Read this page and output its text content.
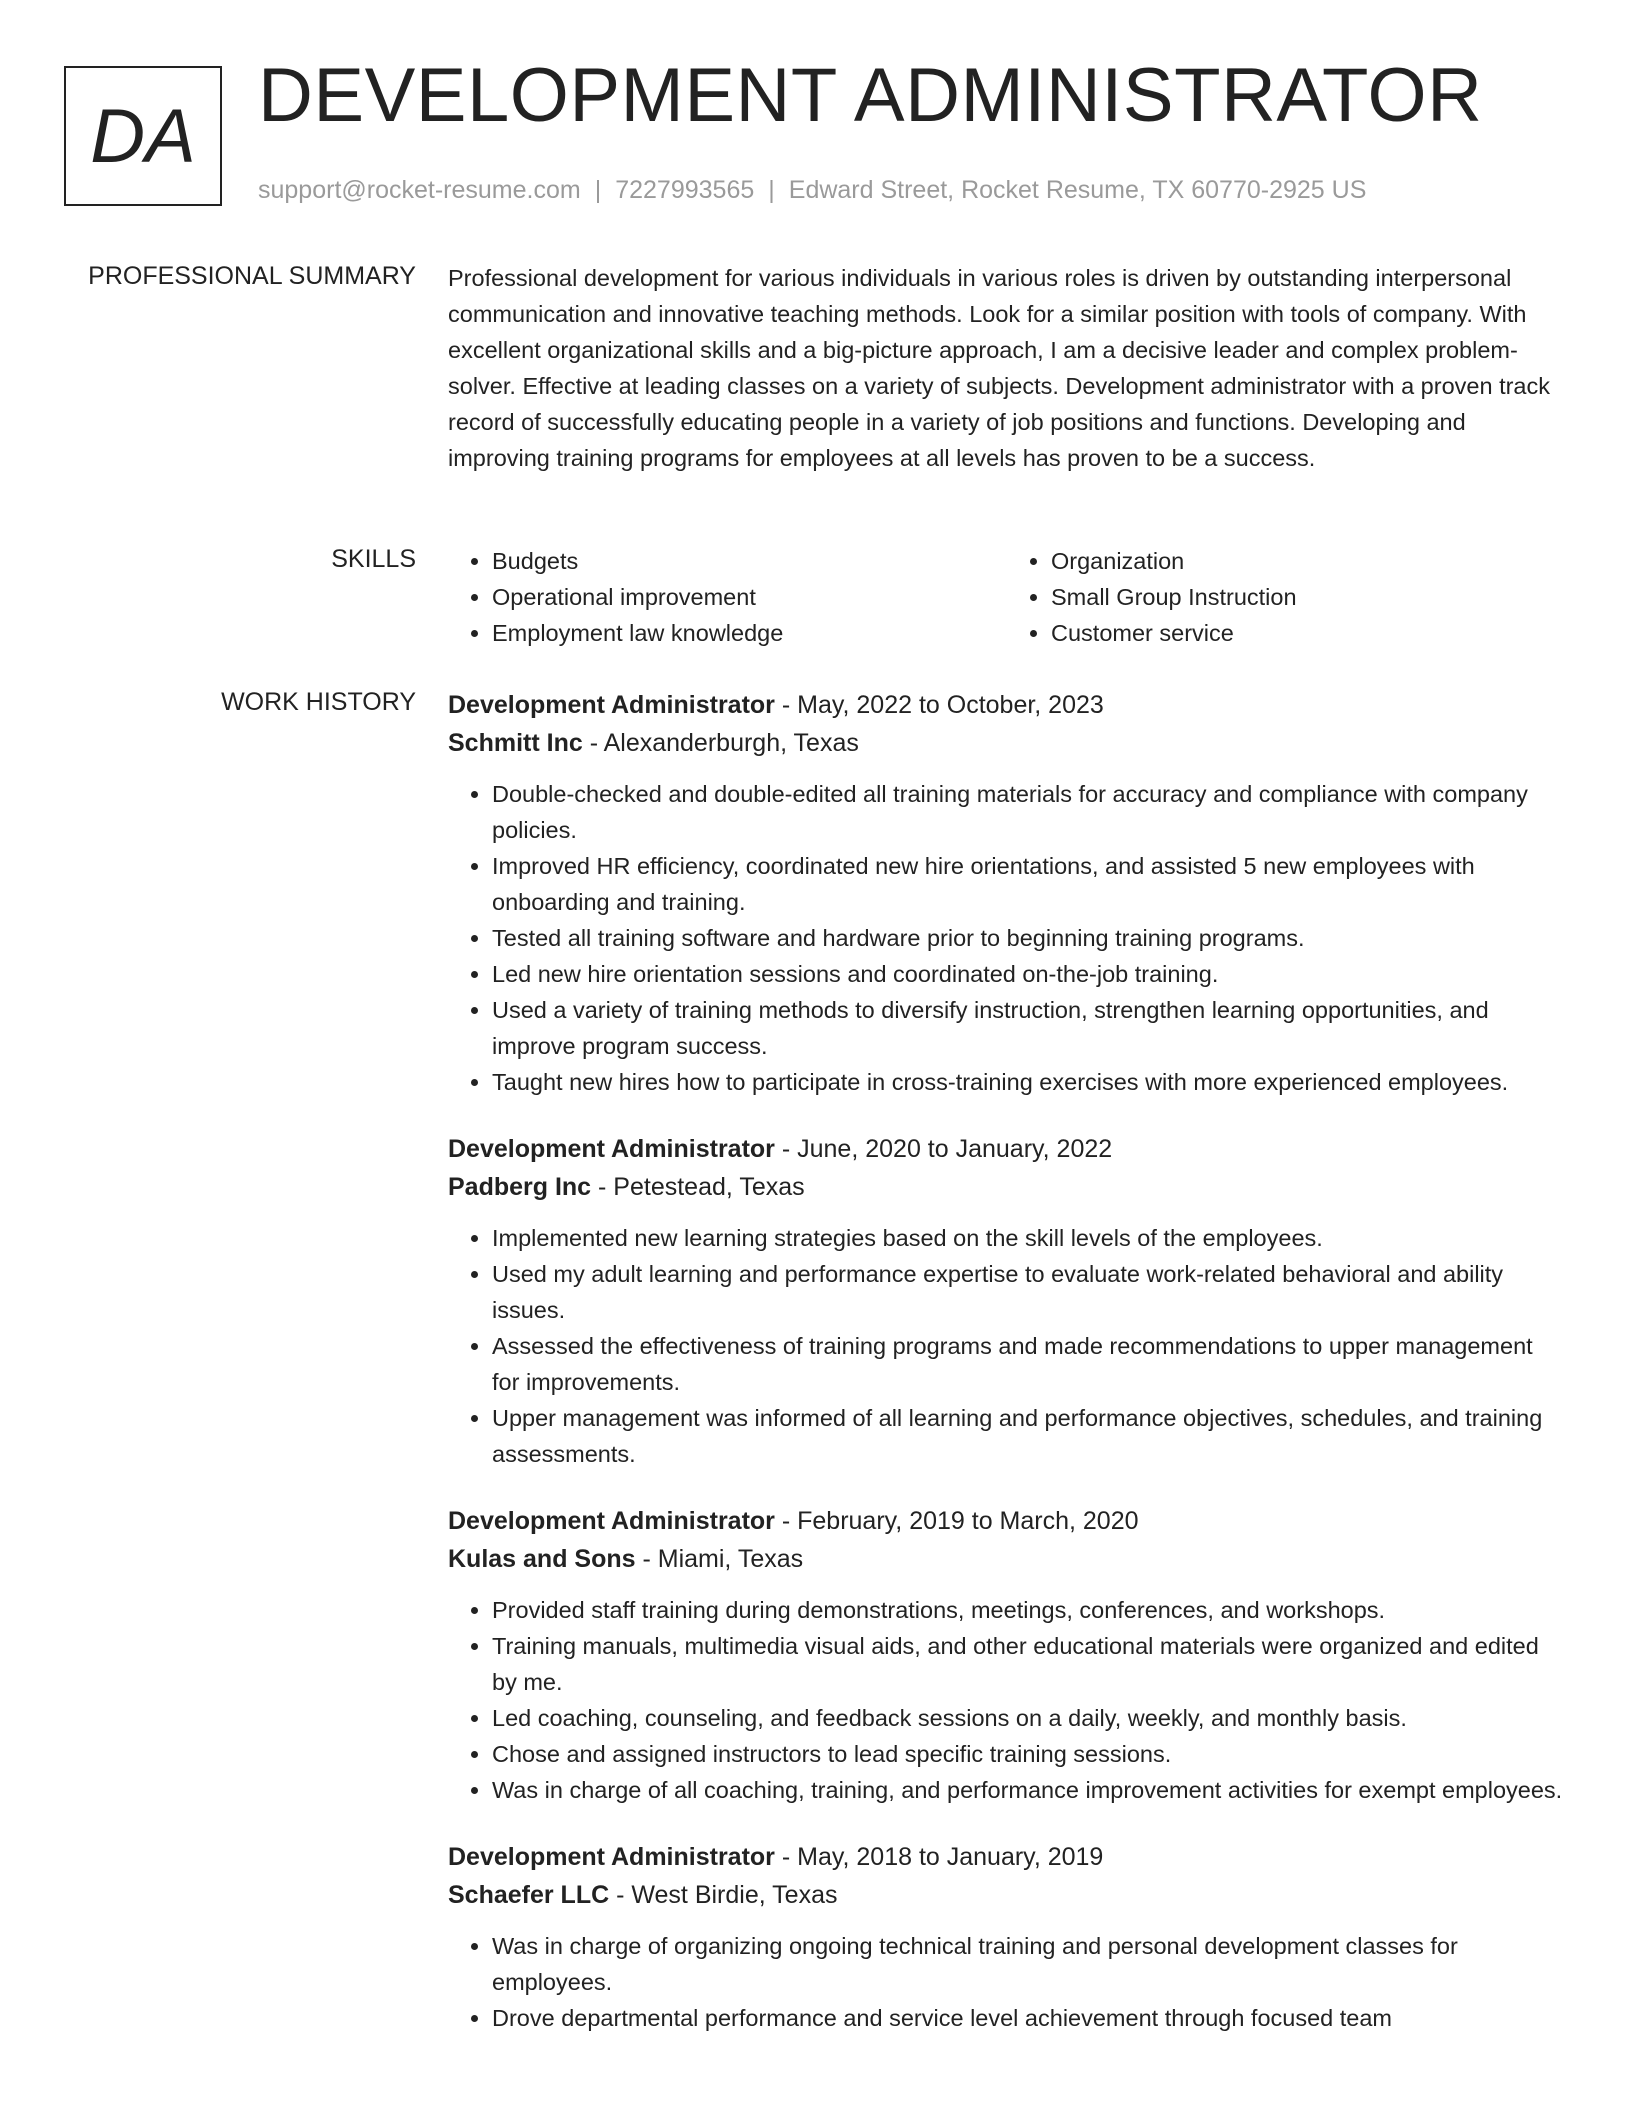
DA DEVELOPMENT ADMINISTRATOR
support@rocket-resume.com | 7227993565 | Edward Street, Rocket Resume, TX 60770-2925 US
PROFESSIONAL SUMMARY Professional development for various individuals in various roles is driven by outstanding interpersonal communication and innovative teaching methods. Look for a similar position with tools of company. With excellent organizational skills and a big-picture approach, I am a decisive leader and complex problem-solver. Effective at leading classes on a variety of subjects. Development administrator with a proven track record of successfully educating people in a variety of job positions and functions. Developing and improving training programs for employees at all levels has proven to be a success.
SKILLS
•	Budgets
• Operational improvement
• Employment law knowledge
• Organization
• Small Group Instruction
• Customer service
WORK HISTORY Development Administrator - May, 2022 to October, 2023
Schmitt Inc - Alexanderburgh, Texas
• Double-checked and double-edited all training materials for accuracy and compliance with company policies.
• Improved HR efficiency, coordinated new hire orientations, and assisted 5 new employees with onboarding and training.
• Tested all training software and hardware prior to beginning training programs.
• Led new hire orientation sessions and coordinated on-the-job training.
• Used a variety of training methods to diversify instruction, strengthen learning opportunities, and improve program success.
• Taught new hires how to participate in cross-training exercises with more experienced employees.
Development Administrator - June, 2020 to January, 2022
Padberg Inc - Petestead, Texas
• Implemented new learning strategies based on the skill levels of the employees.
• Used my adult learning and performance expertise to evaluate work-related behavioral and ability issues.
• Assessed the effectiveness of training programs and made recommendations to upper management for improvements.
• Upper management was informed of all learning and performance objectives, schedules, and training assessments.
Development Administrator - February, 2019 to March, 2020
Kulas and Sons - Miami, Texas
• Provided staff training during demonstrations, meetings, conferences, and workshops.
• Training manuals, multimedia visual aids, and other educational materials were organized and edited by me.
• Led coaching, counseling, and feedback sessions on a daily, weekly, and monthly basis.
• Chose and assigned instructors to lead specific training sessions.
• Was in charge of all coaching, training, and performance improvement activities for exempt employees.
Development Administrator - May, 2018 to January, 2019
Schaefer LLC - West Birdie, Texas
• Was in charge of organizing ongoing technical training and personal development classes for employees.
• Drove departmental performance and service level achievement through focused team
